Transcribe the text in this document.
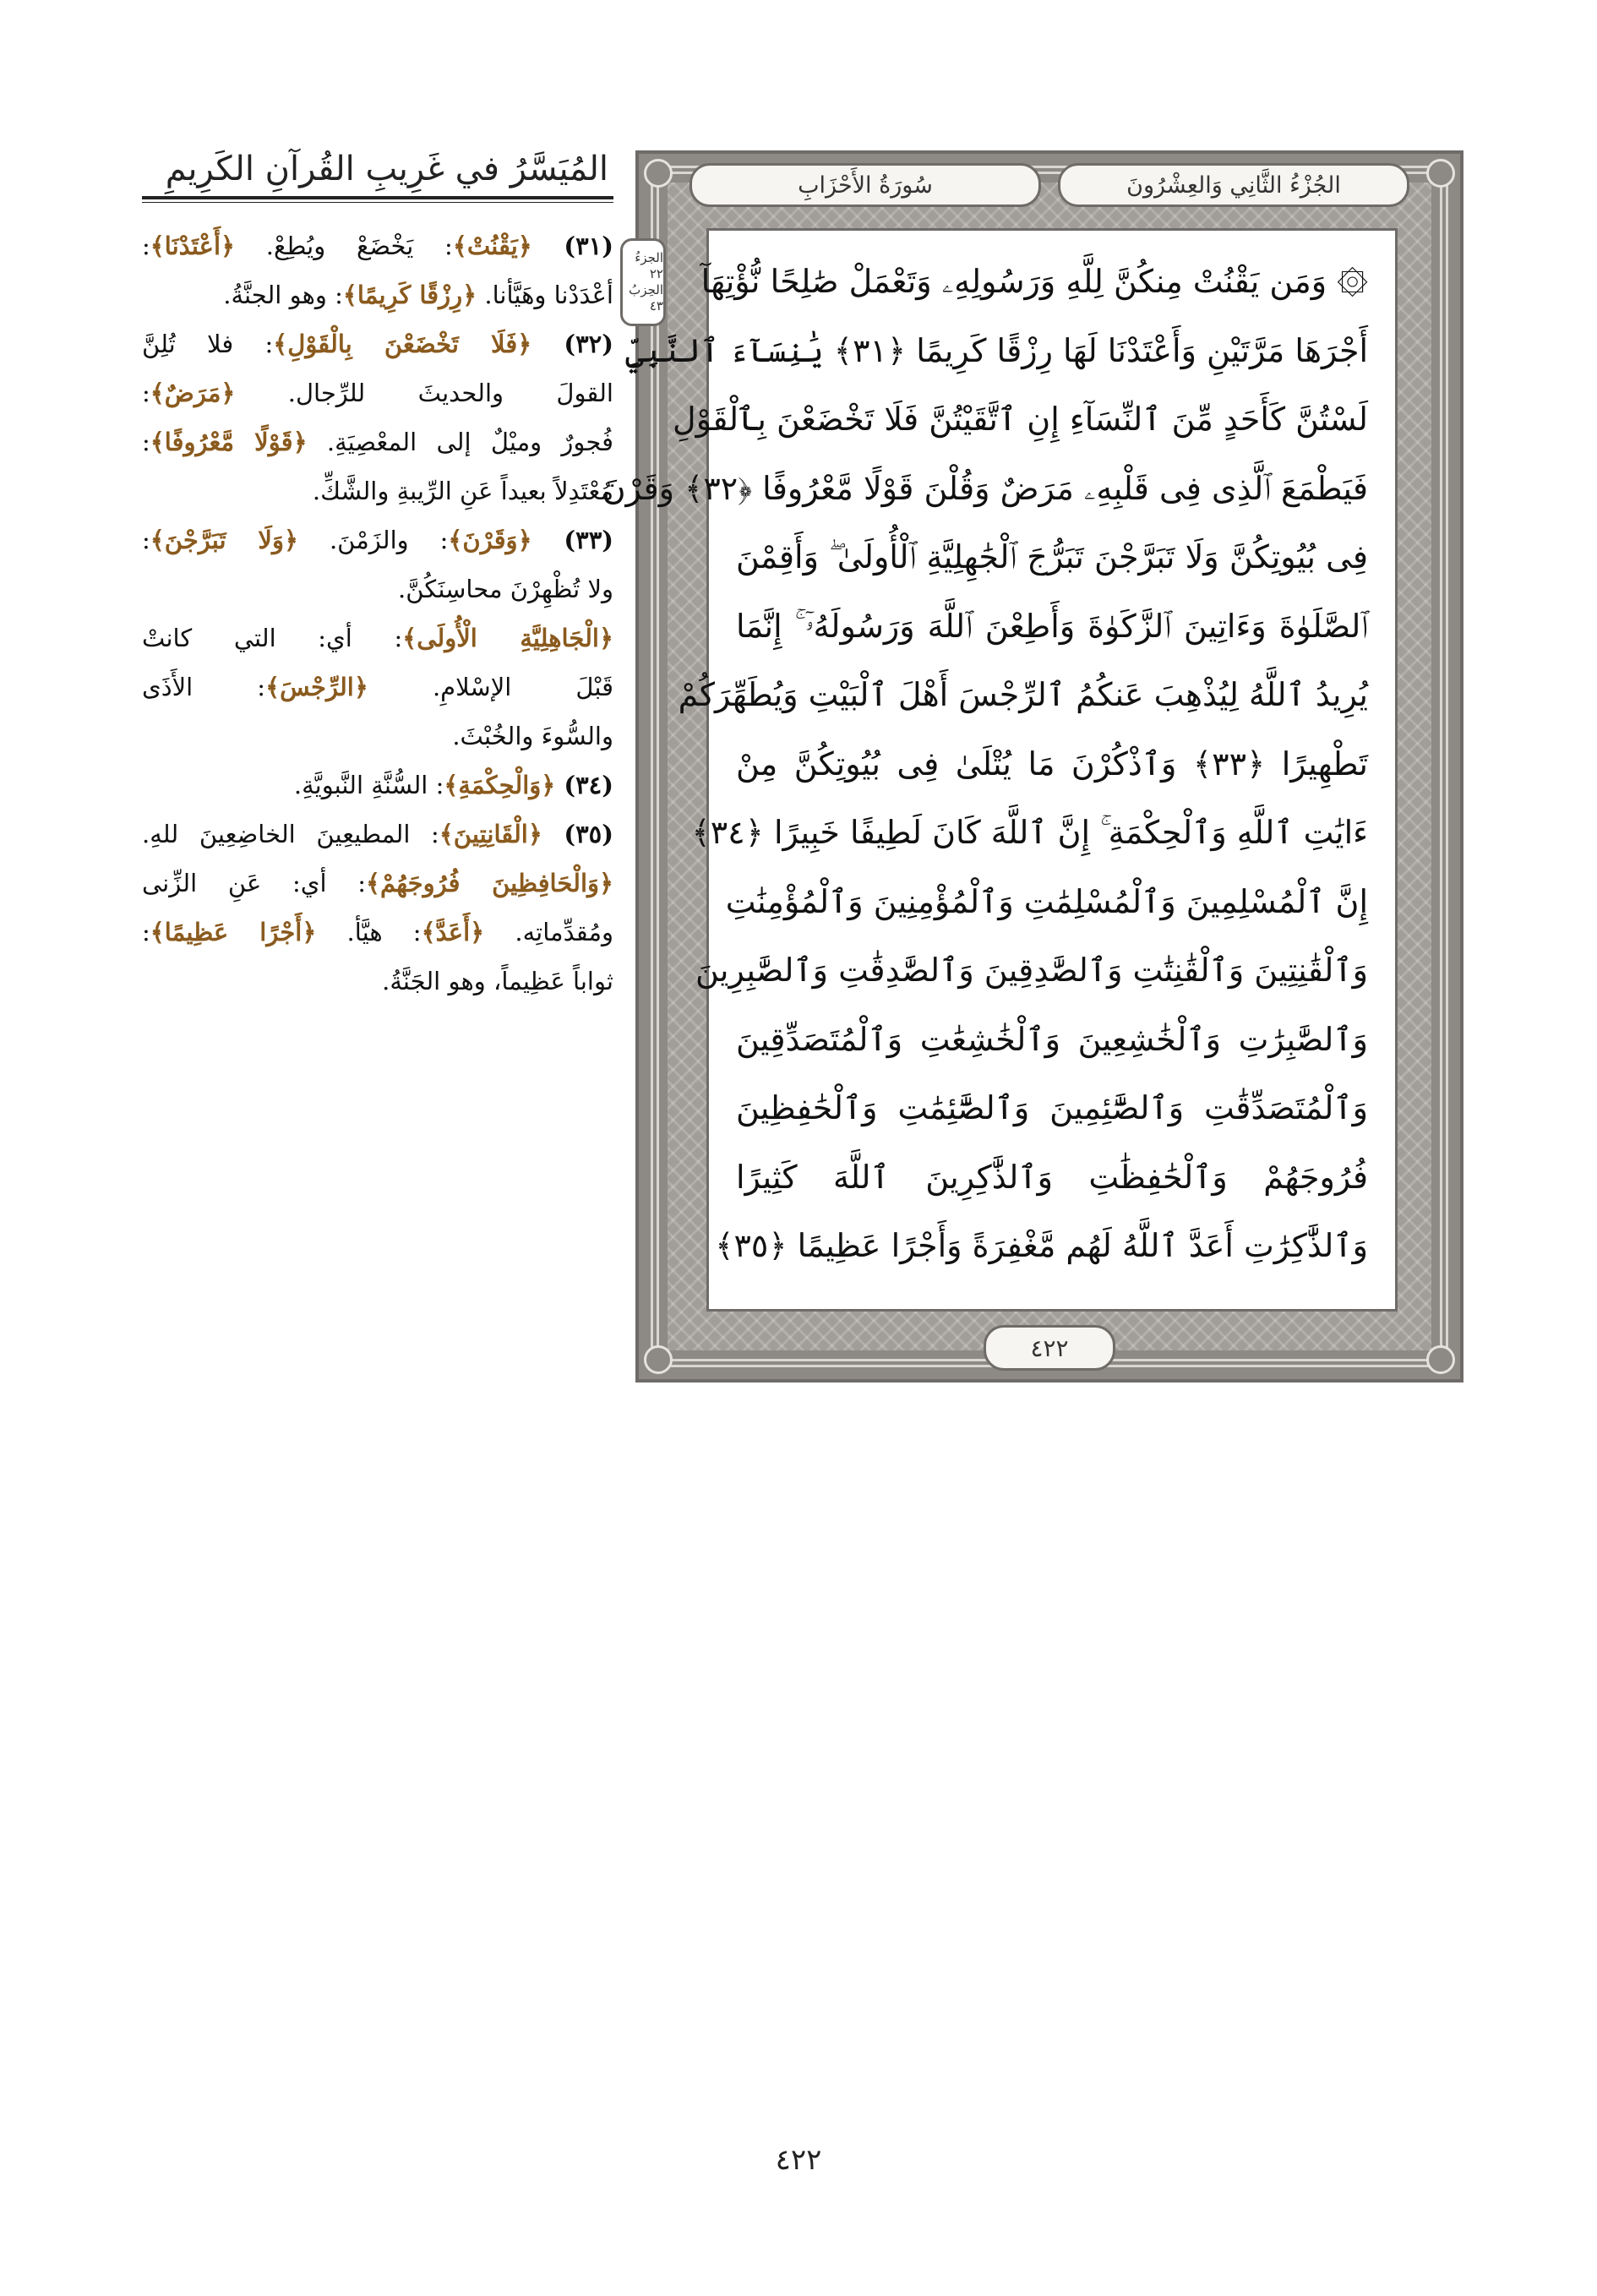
سُورَةُ الأَحْزَابِ	الجُزْءُ الثَّانِي وَالعِشْرُونَ
۞ وَمَن يَقْنُتْ مِنكُنَّ لِلَّهِ وَرَسُولِهِۦ وَتَعْمَلْ صَٰلِحًا نُّؤْتِهَآ
أَجْرَهَا مَرَّتَيْنِ وَأَعْتَدْنَا لَهَا رِزْقًا كَرِيمًا ﴿٣١﴾ يَٰنِسَآءَ ٱلنَّبِيِّ
لَسْتُنَّ كَأَحَدٍ مِّنَ ٱلنِّسَآءِ إِنِ ٱتَّقَيْتُنَّ فَلَا تَخْضَعْنَ بِٱلْقَوْلِ
فَيَطْمَعَ ٱلَّذِى فِى قَلْبِهِۦ مَرَضٌ وَقُلْنَ قَوْلًا مَّعْرُوفًا ﴿٣٢﴾ وَقَرْنَ
فِى بُيُوتِكُنَّ وَلَا تَبَرَّجْنَ تَبَرُّجَ ٱلْجَٰهِلِيَّةِ ٱلْأُولَىٰ ۖ وَأَقِمْنَ
ٱلصَّلَوٰةَ وَءَاتِينَ ٱلزَّكَوٰةَ وَأَطِعْنَ ٱللَّهَ وَرَسُولَهُۥٓ ۚ إِنَّمَا
يُرِيدُ ٱللَّهُ لِيُذْهِبَ عَنكُمُ ٱلرِّجْسَ أَهْلَ ٱلْبَيْتِ وَيُطَهِّرَكُمْ
تَطْهِيرًا ﴿٣٣﴾ وَٱذْكُرْنَ مَا يُتْلَىٰ فِى بُيُوتِكُنَّ مِنْ
ءَايَٰتِ ٱللَّهِ وَٱلْحِكْمَةِ ۚ إِنَّ ٱللَّهَ كَانَ لَطِيفًا خَبِيرًا ﴿٣٤﴾
إِنَّ ٱلْمُسْلِمِينَ وَٱلْمُسْلِمَٰتِ وَٱلْمُؤْمِنِينَ وَٱلْمُؤْمِنَٰتِ
وَٱلْقَٰنِتِينَ وَٱلْقَٰنِتَٰتِ وَٱلصَّٰدِقِينَ وَٱلصَّٰدِقَٰتِ وَٱلصَّٰبِرِينَ
وَٱلصَّٰبِرَٰتِ وَٱلْخَٰشِعِينَ وَٱلْخَٰشِعَٰتِ وَٱلْمُتَصَدِّقِينَ
وَٱلْمُتَصَدِّقَٰتِ وَٱلصَّٰٓئِمِينَ وَٱلصَّٰٓئِمَٰتِ وَٱلْحَٰفِظِينَ
فُرُوجَهُمْ وَٱلْحَٰفِظَٰتِ وَٱلذَّٰكِرِينَ ٱللَّهَ كَثِيرًا
وَٱلذَّٰكِرَٰتِ أَعَدَّ ٱللَّهُ لَهُم مَّغْفِرَةً وَأَجْرًا عَظِيمًا ﴿٣٥﴾
الجزءُ ٢٢
الحِزبُ ٤٣
٤٢٢
المُيَسَّرُ في غَرِيبِ القُرآنِ الكَرِيمِ
(٣١) ﴿يَقْنُتْ﴾: يَخْضَعْ ويُطِعْ. ﴿أَعْتَدْنَا﴾:
أعْدَدْنا وهَيَّأنا. ﴿رِزْقًا كَرِيمًا﴾: وهو الجنَّةُ.
(٣٢) ﴿فَلَا تَخْضَعْنَ بِالْقَوْلِ﴾: فلا تُلِنَّ
القولَ والحديثَ للرِّجال. ﴿مَرَضٌ﴾:
فُجورٌ وميْلٌ إلى المعْصِيَةِ. ﴿قَوْلًا مَّعْرُوفًا﴾:
مُعْتَدِلاً بعيداً عَنِ الرِّيبةِ والشَّكِّ.
(٣٣) ﴿وَقَرْنَ﴾: والزَمْنَ. ﴿وَلَا تَبَرَّجْنَ﴾:
ولا تُظْهِرْنَ محاسِنَكُنَّ.
﴿الْجَاهِلِيَّةِ الْأُولَى﴾: أي: التي كانتْ
قَبْلَ الإسْلامِ. ﴿الرِّجْسَ﴾: الأَذَى
والسُّوءَ والخُبْثَ.
(٣٤) ﴿وَالْحِكْمَةِ﴾: السُّنَّةِ النَّبويَّةِ.
(٣٥) ﴿الْقَانِتِينَ﴾: المطيعِينَ الخاضِعِينَ للهِ.
﴿وَالْحَافِظِينَ فُرُوجَهُمْ﴾: أي: عَنِ الزِّنى
ومُقدِّماتِه. ﴿أَعَدَّ﴾: هيَّأ. ﴿أَجْرًا عَظِيمًا﴾:
ثواباً عَظِيماً، وهو الجَنَّةُ.
٤٢٢
